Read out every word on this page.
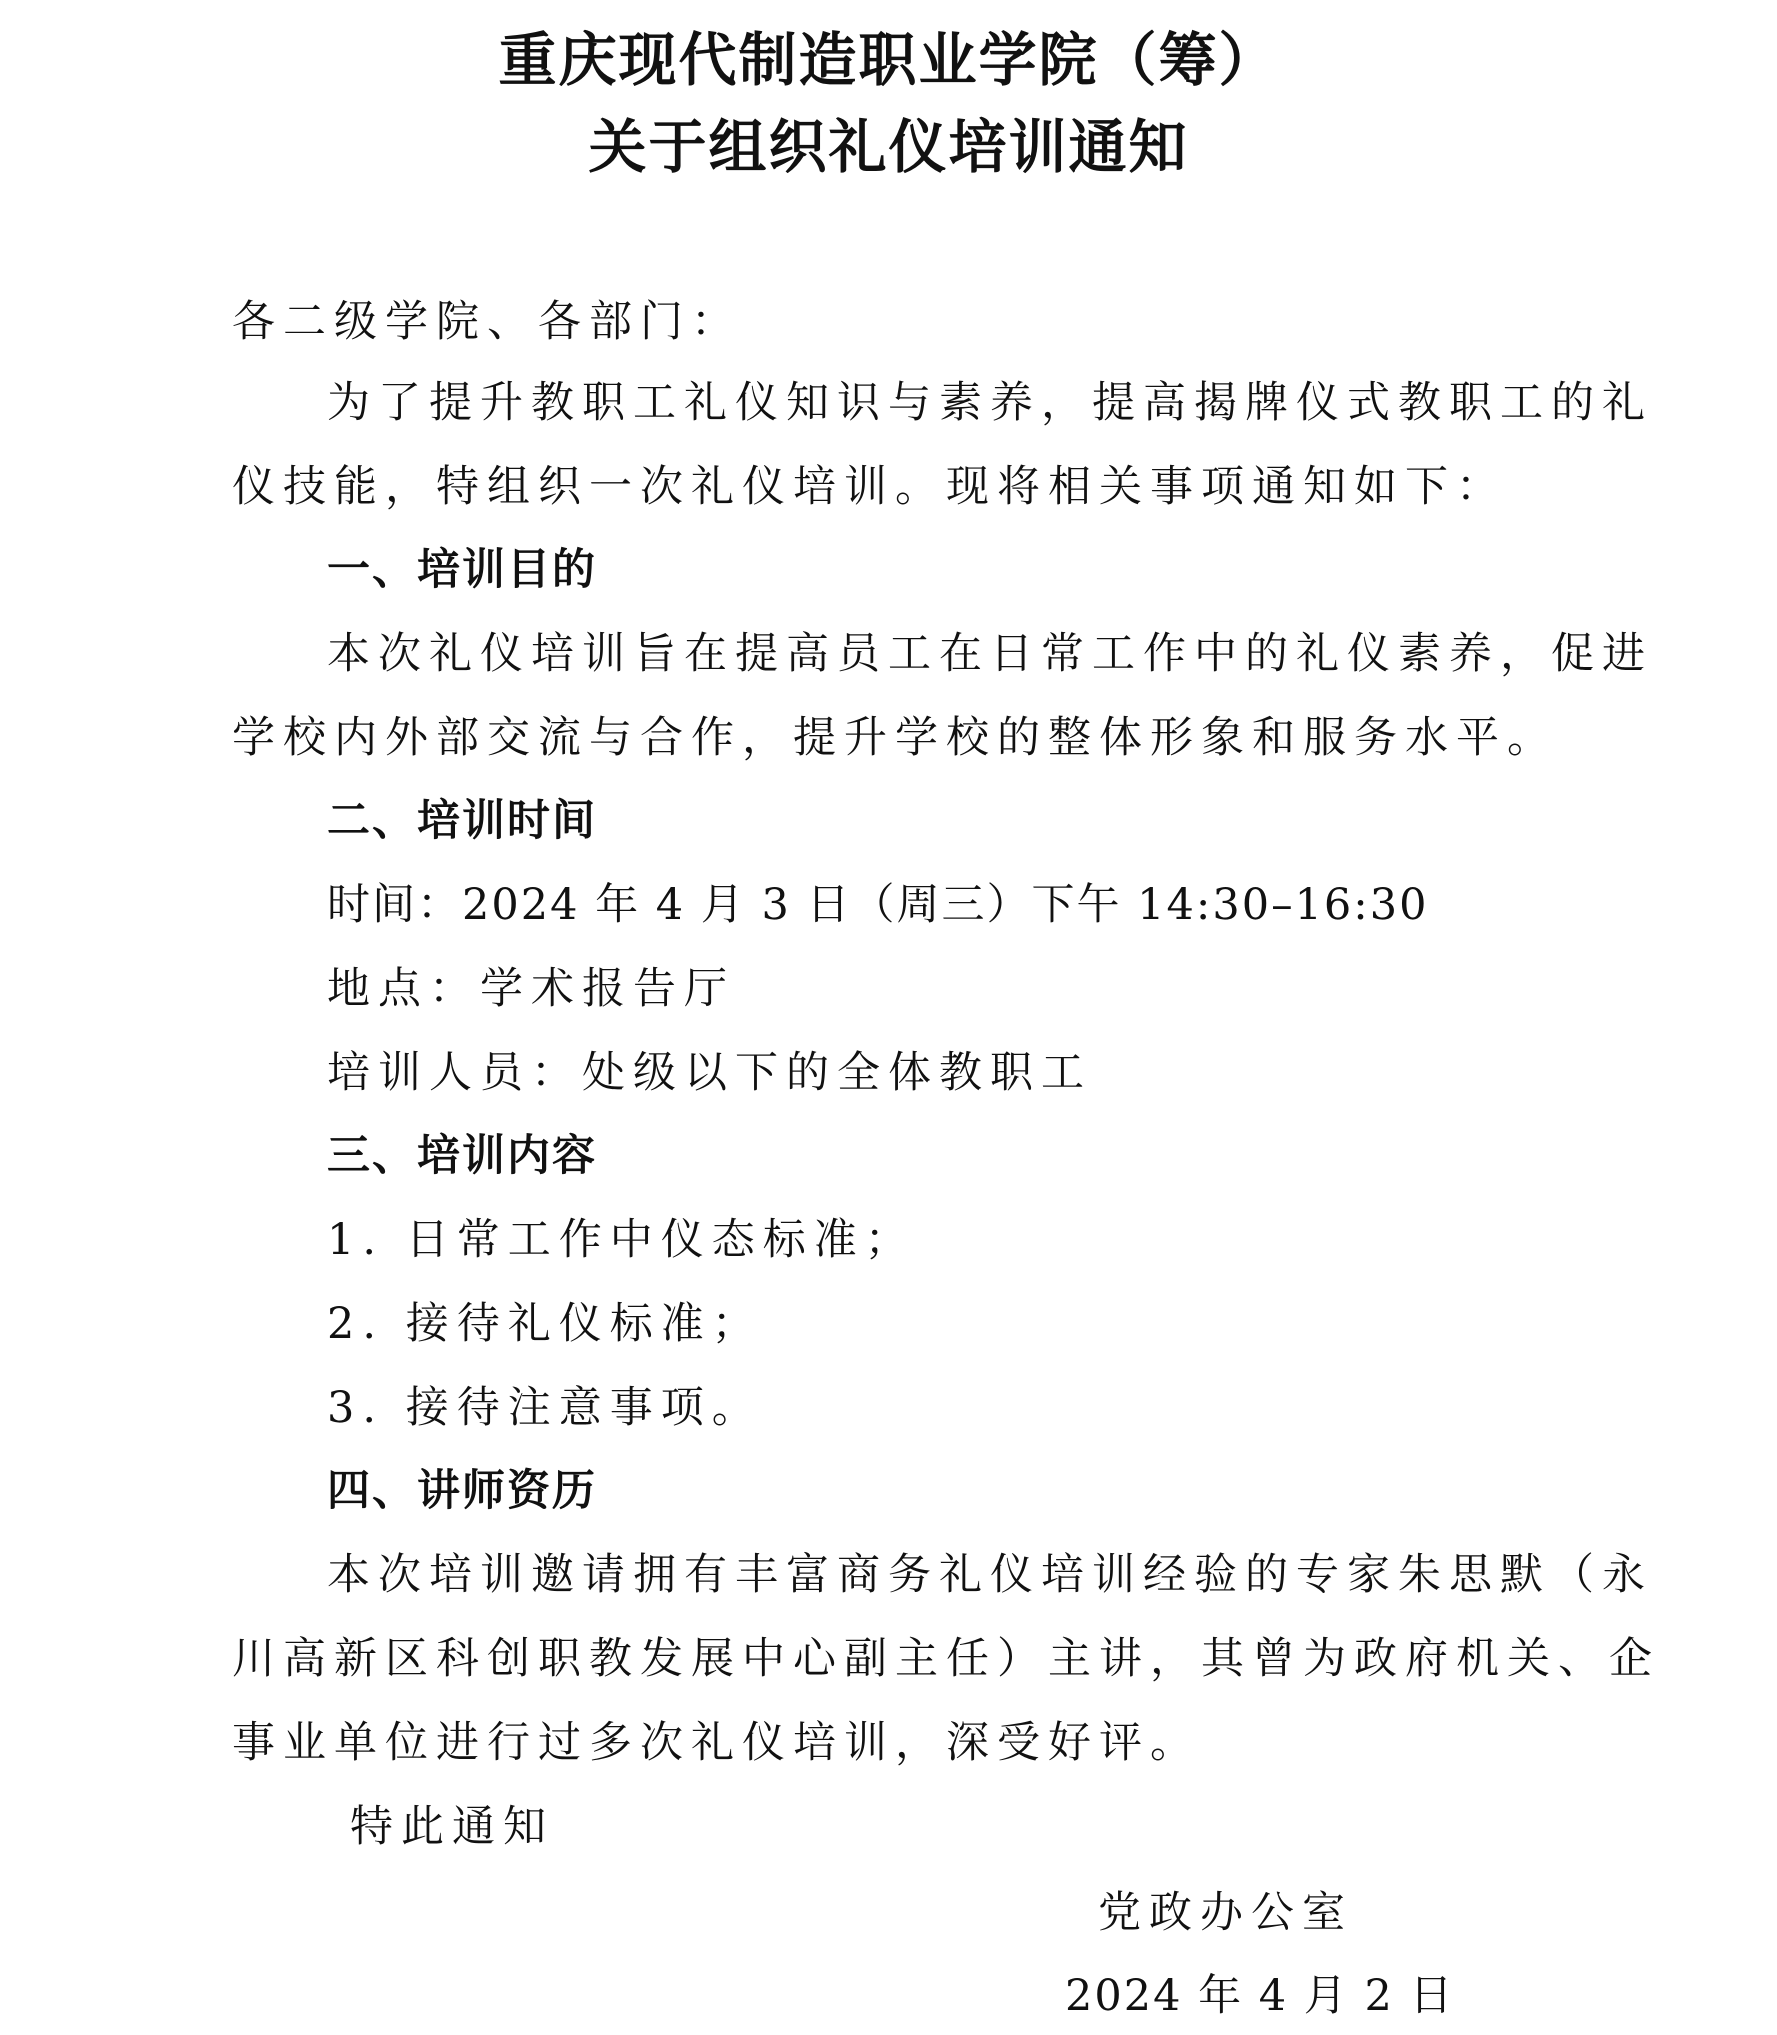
重庆现代制造职业学院（筹）
关于组织礼仪培训通知

各二级学院、各部门：

为了提升教职工礼仪知识与素养，提高揭牌仪式教职工的礼

仪技能，特组织一次礼仪培训。现将相关事项通知如下：

一、培训目的

本次礼仪培训旨在提高员工在日常工作中的礼仪素养，促进

学校内外部交流与合作，提升学校的整体形象和服务水平。

二、培训时间

时间：2024 年 4 月 3 日（周三）下午 14:30–16:30

地点：学术报告厅

培训人员：处级以下的全体教职工

三、培训内容

1. 日常工作中仪态标准；

2. 接待礼仪标准；

3. 接待注意事项。

四、讲师资历

本次培训邀请拥有丰富商务礼仪培训经验的专家朱思默（永

川高新区科创职教发展中心副主任）主讲，其曾为政府机关、企

事业单位进行过多次礼仪培训，深受好评。

特此通知

党政办公室

2024 年 4 月 2 日
